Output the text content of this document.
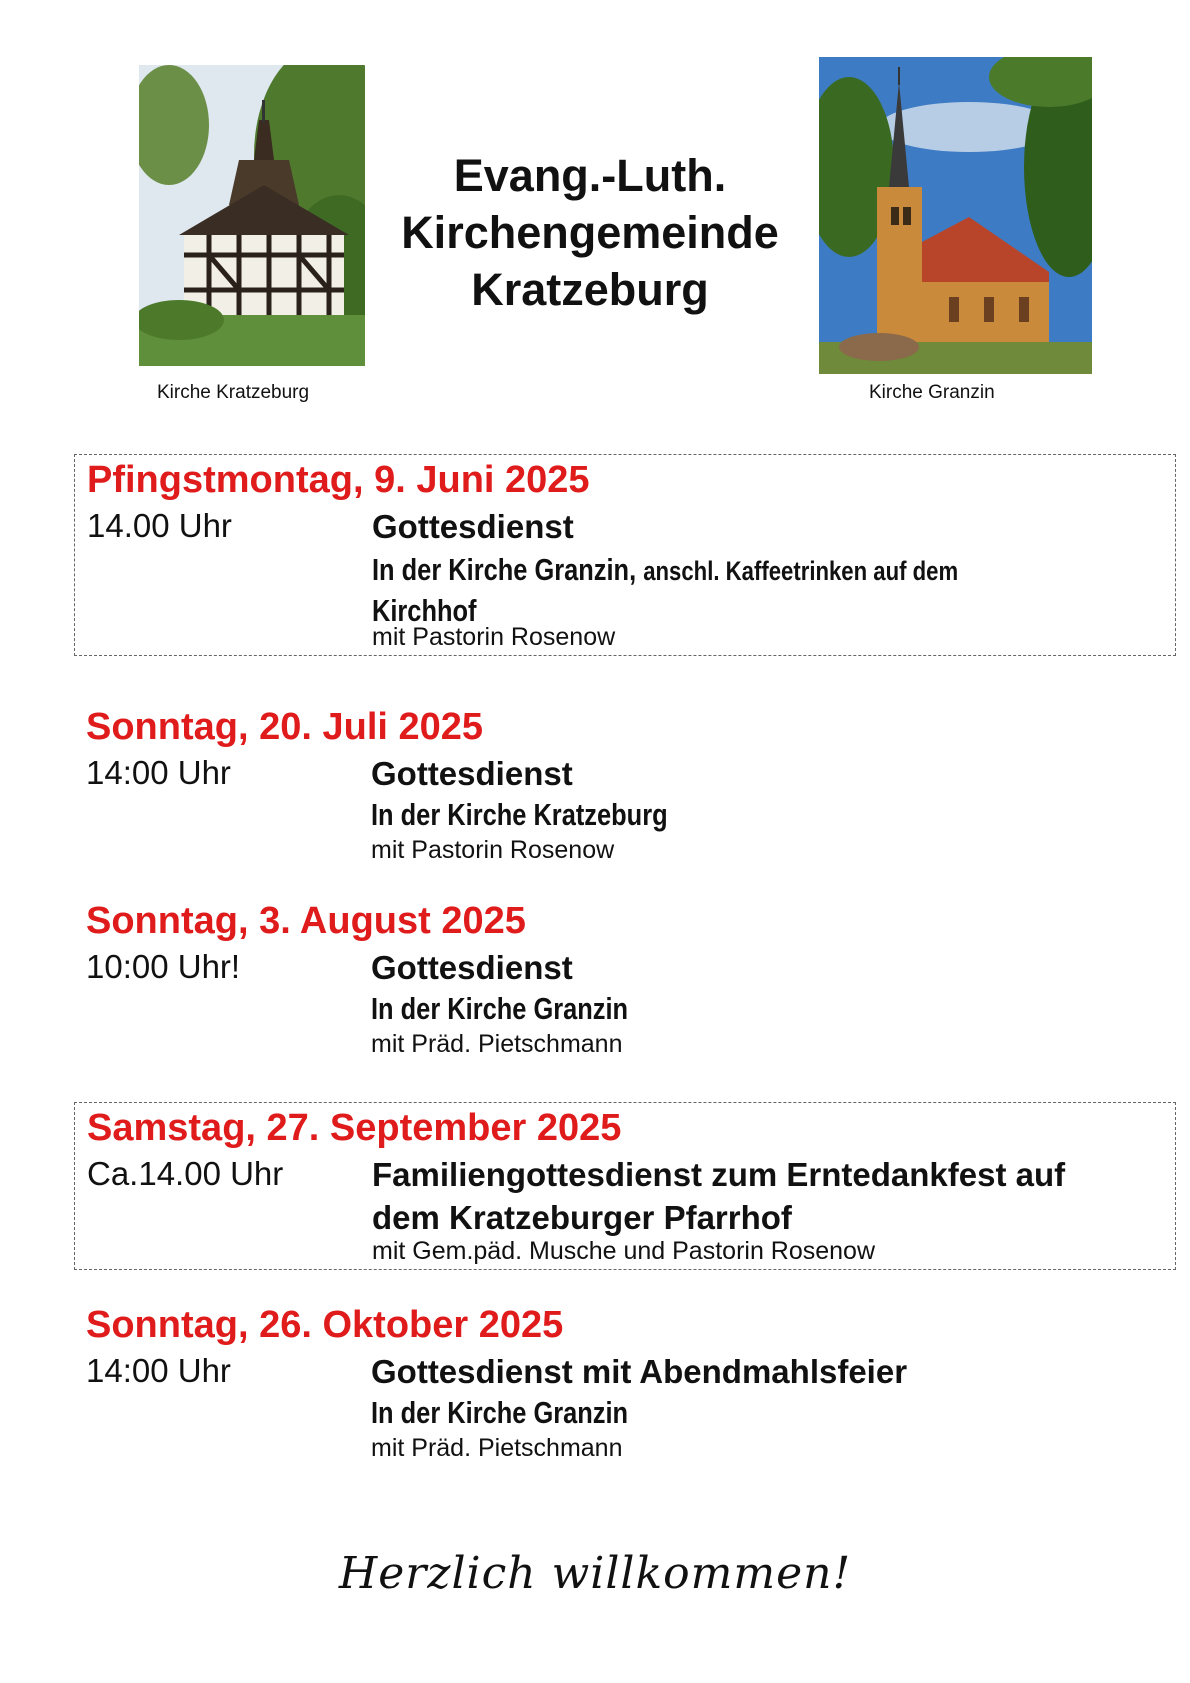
Kirche Kratzeburg
Evang.-Luth.
Kirchengemeinde
Kratzeburg
Kirche Granzin
Pfingstmontag, 9. Juni 2025
14.00 Uhr	Gottesdienst
In der Kirche Granzin, anschl. Kaffeetrinken auf dem
Kirchhof
mit Pastorin Rosenow
Sonntag, 20. Juli 2025
14:00 Uhr	Gottesdienst
In der Kirche Kratzeburg
mit Pastorin Rosenow
Sonntag, 3. August 2025
10:00 Uhr!	Gottesdienst
In der Kirche Granzin
mit Präd. Pietschmann
Samstag, 27. September 2025
Ca.14.00 Uhr	Familiengottesdienst zum Erntedankfest auf
dem Kratzeburger Pfarrhof
mit Gem.päd. Musche und Pastorin Rosenow
Sonntag, 26. Oktober 2025
14:00 Uhr	Gottesdienst mit Abendmahlsfeier
In der Kirche Granzin
mit Präd. Pietschmann
Herzlich willkommen!
